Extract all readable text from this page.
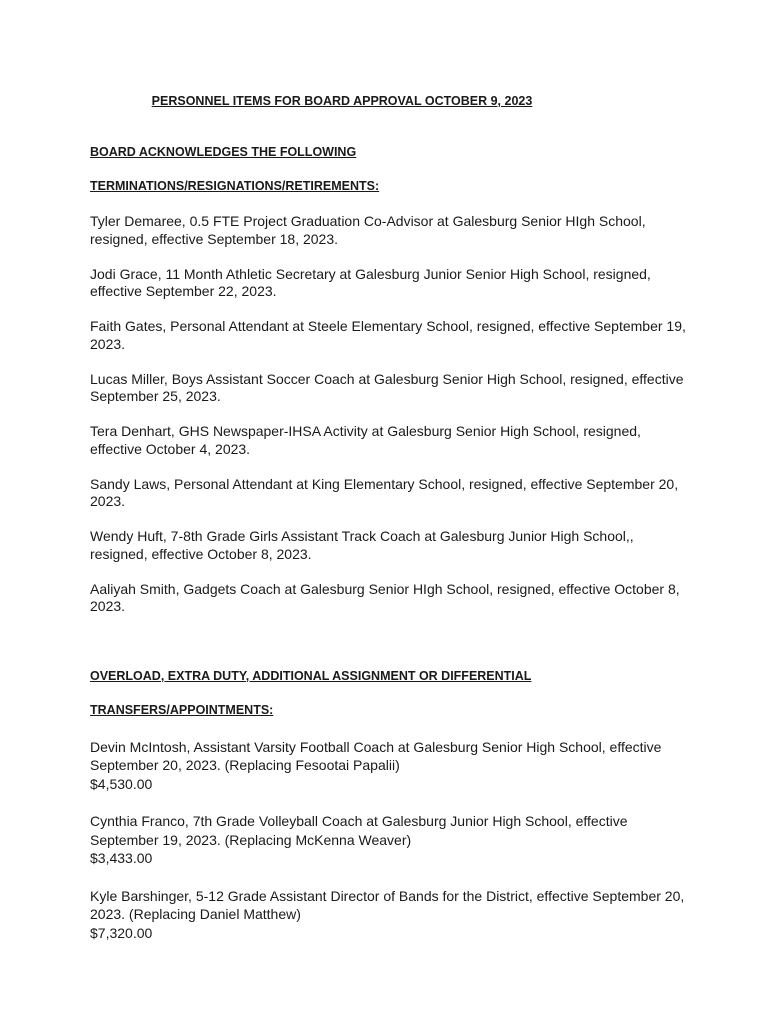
PERSONNEL ITEMS FOR BOARD APPROVAL OCTOBER 9, 2023

BOARD ACKNOWLEDGES THE FOLLOWING

TERMINATIONS/RESIGNATIONS/RETIREMENTS:

Tyler Demaree, 0.5 FTE Project Graduation Co-Advisor at Galesburg Senior HIgh School, resigned, effective September 18, 2023.

Jodi Grace, 11 Month Athletic Secretary at Galesburg Junior Senior High School, resigned, effective September 22, 2023.

Faith Gates, Personal Attendant at Steele Elementary School, resigned, effective September 19, 2023.

Lucas Miller, Boys Assistant Soccer Coach at Galesburg Senior High School, resigned, effective September 25, 2023.

Tera Denhart, GHS Newspaper-IHSA Activity at Galesburg Senior High School, resigned, effective October 4, 2023.

Sandy Laws, Personal Attendant at King Elementary School, resigned, effective September 20, 2023.

Wendy Huft, 7-8th Grade Girls Assistant Track Coach at Galesburg Junior High School,, resigned, effective October 8, 2023.

Aaliyah Smith, Gadgets Coach at Galesburg Senior HIgh School, resigned, effective October 8, 2023.

OVERLOAD, EXTRA DUTY, ADDITIONAL ASSIGNMENT OR DIFFERENTIAL

TRANSFERS/APPOINTMENTS:

Devin McIntosh, Assistant Varsity Football Coach at Galesburg Senior High School, effective September 20, 2023. (Replacing Fesootai Papalii)
$4,530.00
Cynthia Franco, 7th Grade Volleyball Coach at Galesburg Junior High School, effective September 19, 2023. (Replacing McKenna Weaver)
$3,433.00
Kyle Barshinger, 5-12 Grade Assistant Director of Bands for the District, effective September 20, 2023. (Replacing Daniel Matthew)
$7,320.00
